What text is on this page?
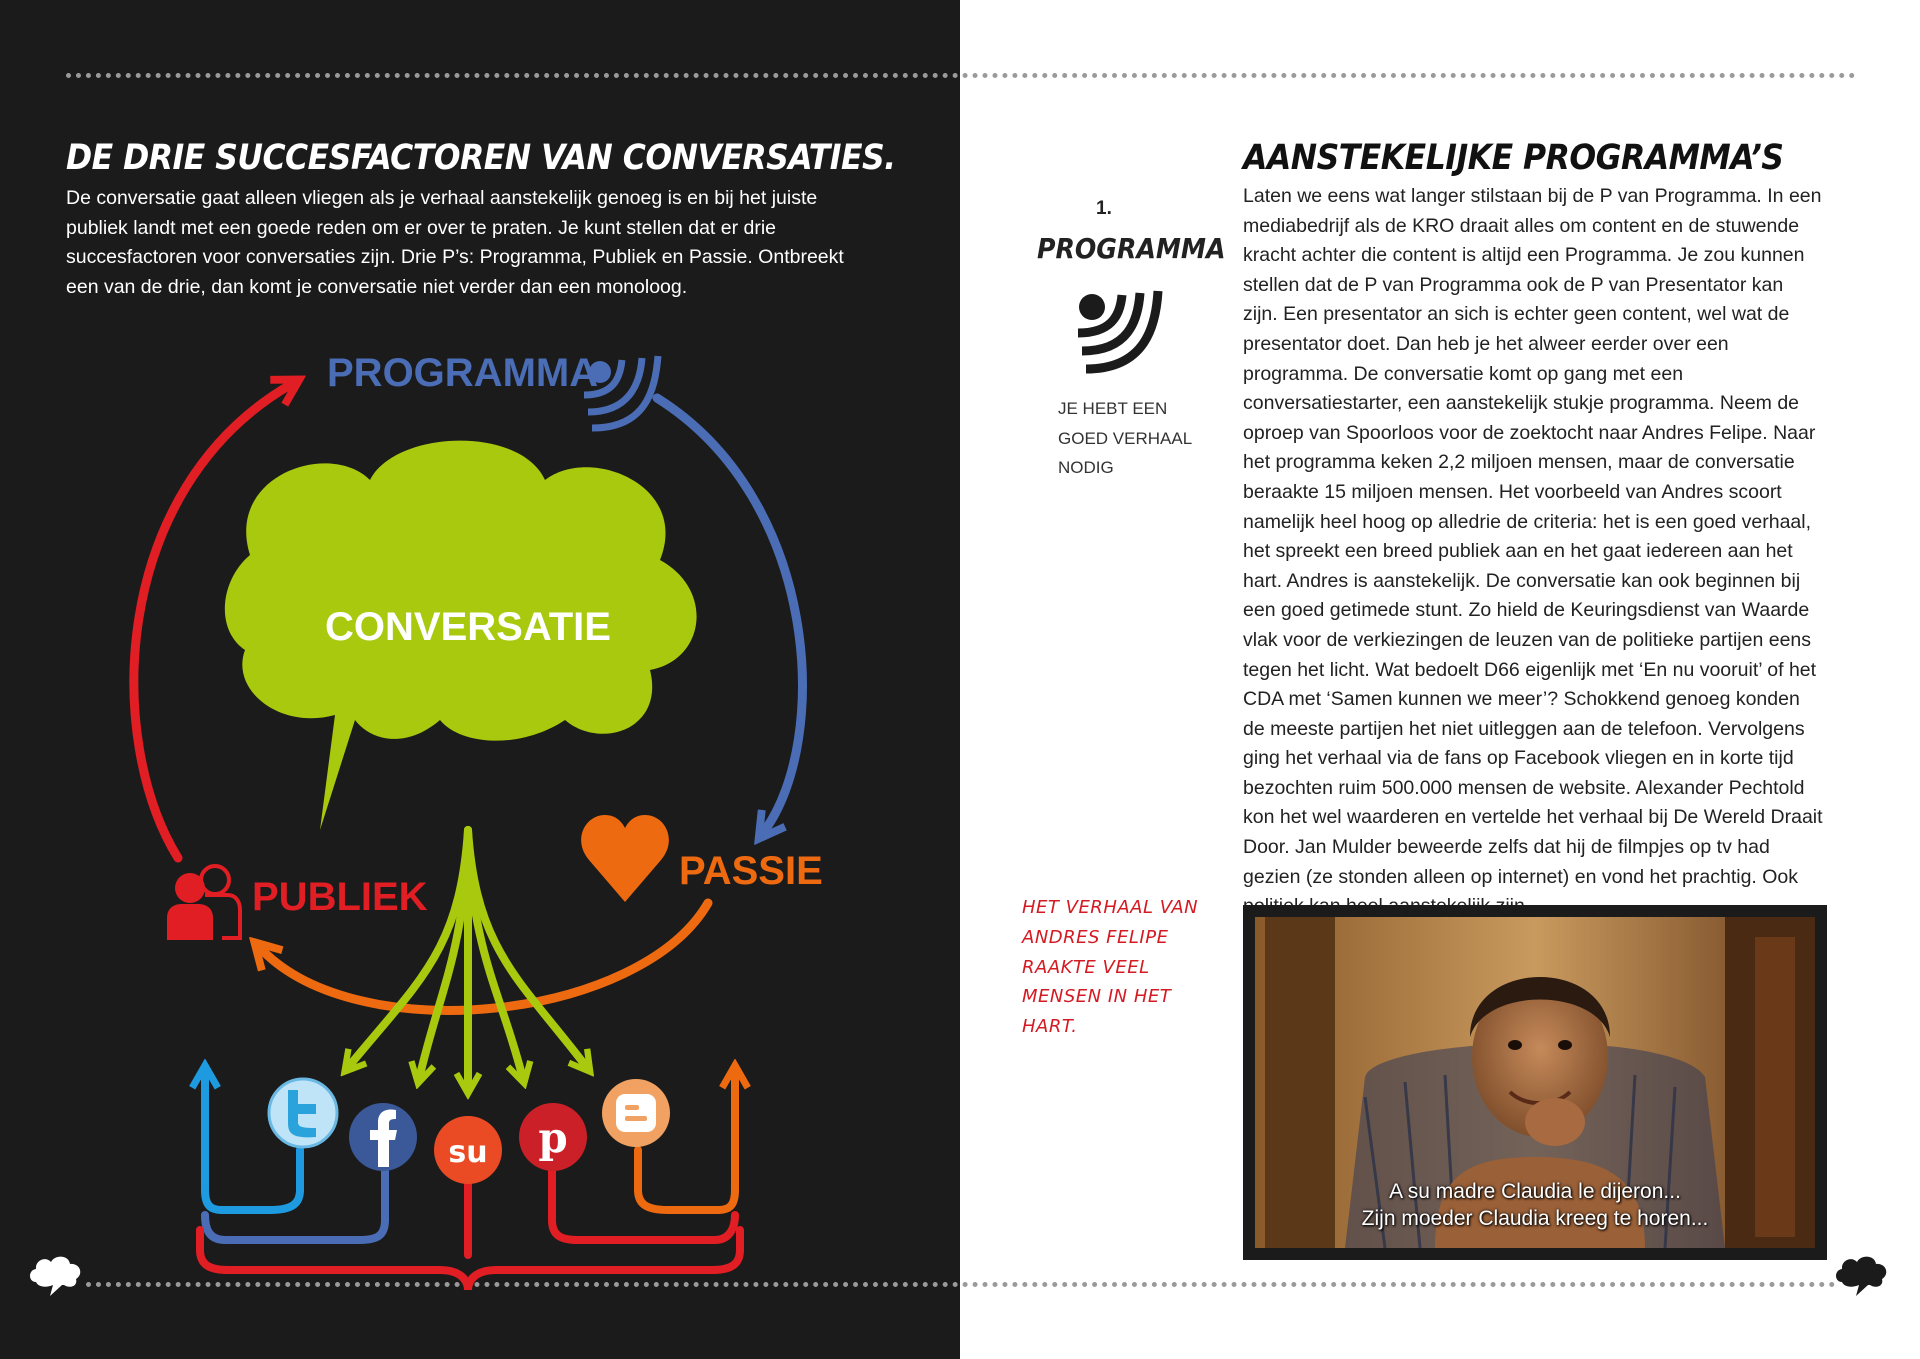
DE DRIE SUCCESFACTOREN VAN CONVERSATIES.

De conversatie gaat alleen vliegen als je verhaal aanstekelijk genoeg is en bij het juiste publiek landt met een goede reden om er over te praten. Je kunt stellen dat er drie succesfactoren voor conversaties zijn. Drie P’s: Programma, Publiek en Passie. Ontbreekt een van de drie, dan komt je conversatie niet verder dan een monoloog.

su p
PROGRAMMA
CONVERSATIE
PUBLIEK
PASSIE
AANSTEKELIJKE PROGRAMMA’S
1.
PROGRAMMA

JE HEBT EEN GOED VERHAAL NODIG

Laten we eens wat langer stilstaan bij de P van Programma. In een mediabedrijf als de KRO draait alles om content en de stuwende kracht achter die content is altijd een Programma. Je zou kunnen stellen dat de P van Programma ook de P van Presentator kan zijn. Een presentator an sich is echter geen content, wel wat de presentator doet. Dan heb je het alweer eerder over een programma. De conversatie komt op gang met een conversatiestarter, een aanstekelijk stukje programma. Neem de oproep van Spoorloos voor de zoektocht naar Andres Felipe. Naar het programma keken 2,2 miljoen mensen, maar de conversatie beraakte 15 miljoen mensen. Het voorbeeld van Andres scoort namelijk heel hoog op alledrie de criteria: het is een goed verhaal, het spreekt een breed publiek aan en het gaat iedereen aan het hart. Andres is aanstekelijk. De conversatie kan ook beginnen bij een goed getimede stunt. Zo hield de Keuringsdienst van Waarde vlak voor de verkiezingen de leuzen van de politieke partijen eens tegen het licht. Wat bedoelt D66 eigenlijk met ‘En nu vooruit’ of het CDA met ‘Samen kunnen we meer’? Schokkend genoeg konden de meeste partijen het niet uitleggen aan de telefoon. Vervolgens ging het verhaal via de fans op Facebook vliegen en in korte tijd bezochten ruim 500.000 mensen de website. Alexander Pechtold kon het wel waarderen en vertelde het verhaal bij De Wereld Draait Door. Jan Mulder beweerde zelfs dat hij de filmpjes op tv had gezien (ze stonden alleen op internet) en vond het prachtig. Ook

HET VERHAAL VAN ANDRES FELIPE RAAKTE VEEL MENSEN IN HET HART.

A su madre Claudia le dijeron...
Zijn moeder Claudia kreeg te horen...
